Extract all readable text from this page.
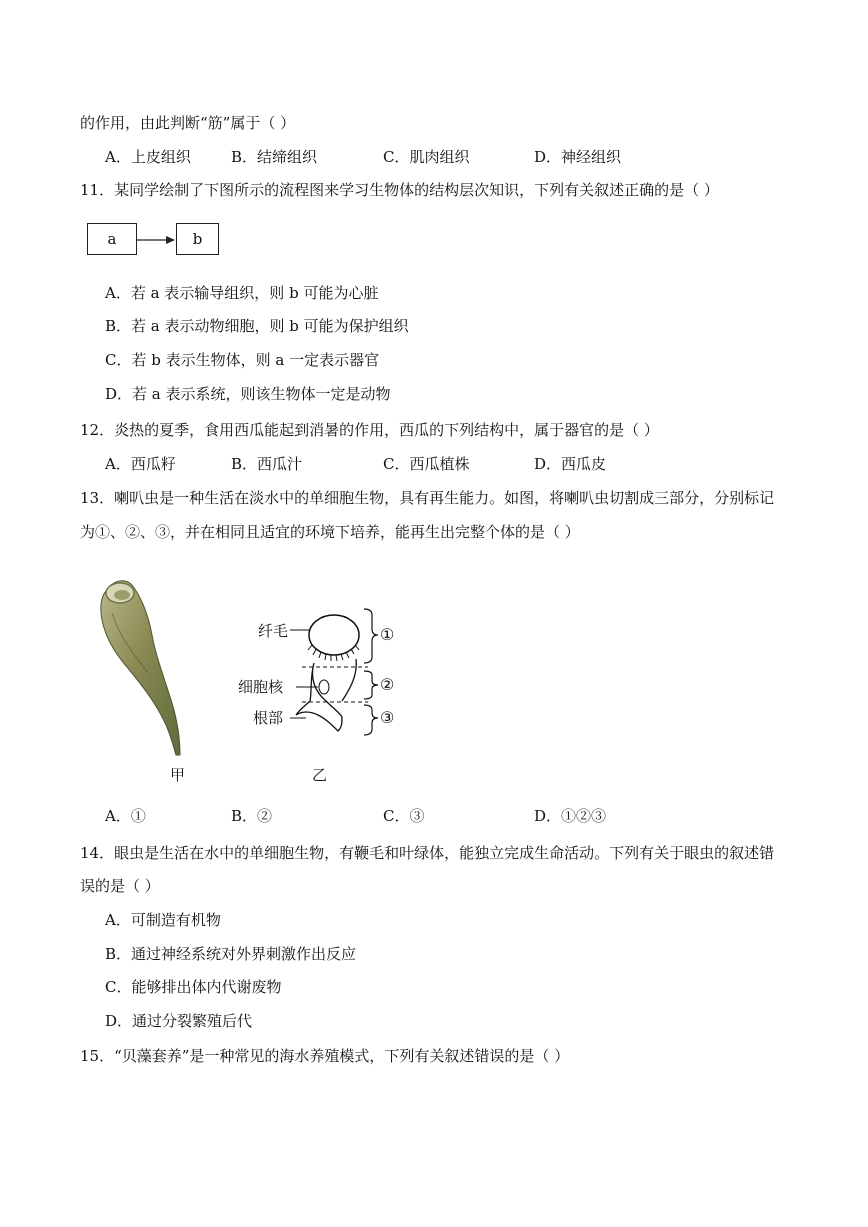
的作用，由此判断“筋”属于（ ）
A．上皮组织	B．结缔组织	C．肌肉组织	D．神经组织
11．某同学绘制了下图所示的流程图来学习生物体的结构层次知识，下列有关叙述正确的是（ ）
a	b
A．若 a 表示输导组织，则 b 可能为心脏
B．若 a 表示动物细胞，则 b 可能为保护组织
C．若 b 表示生物体，则 a 一定表示器官
D．若 a 表示系统，则该生物体一定是动物
12．炎热的夏季，食用西瓜能起到消暑的作用，西瓜的下列结构中，属于器官的是（ ）
A．西瓜籽	B．西瓜汁	C．西瓜植株	D．西瓜皮
13．喇叭虫是一种生活在淡水中的单细胞生物，具有再生能力。如图，将喇叭虫切割成三部分，分别标记
为①、②、③，并在相同且适宜的环境下培养，能再生出完整个体的是（ ）
甲
纤毛
细胞核
根部
①
②
③
乙
A．①	B．②	C．③	D．①②③
14．眼虫是生活在水中的单细胞生物，有鞭毛和叶绿体，能独立完成生命活动。下列有关于眼虫的叙述错
误的是（ ）
A．可制造有机物
B．通过神经系统对外界刺激作出反应
C．能够排出体内代谢废物
D．通过分裂繁殖后代
15．“贝藻套养”是一种常见的海水养殖模式，下列有关叙述错误的是（ ）
